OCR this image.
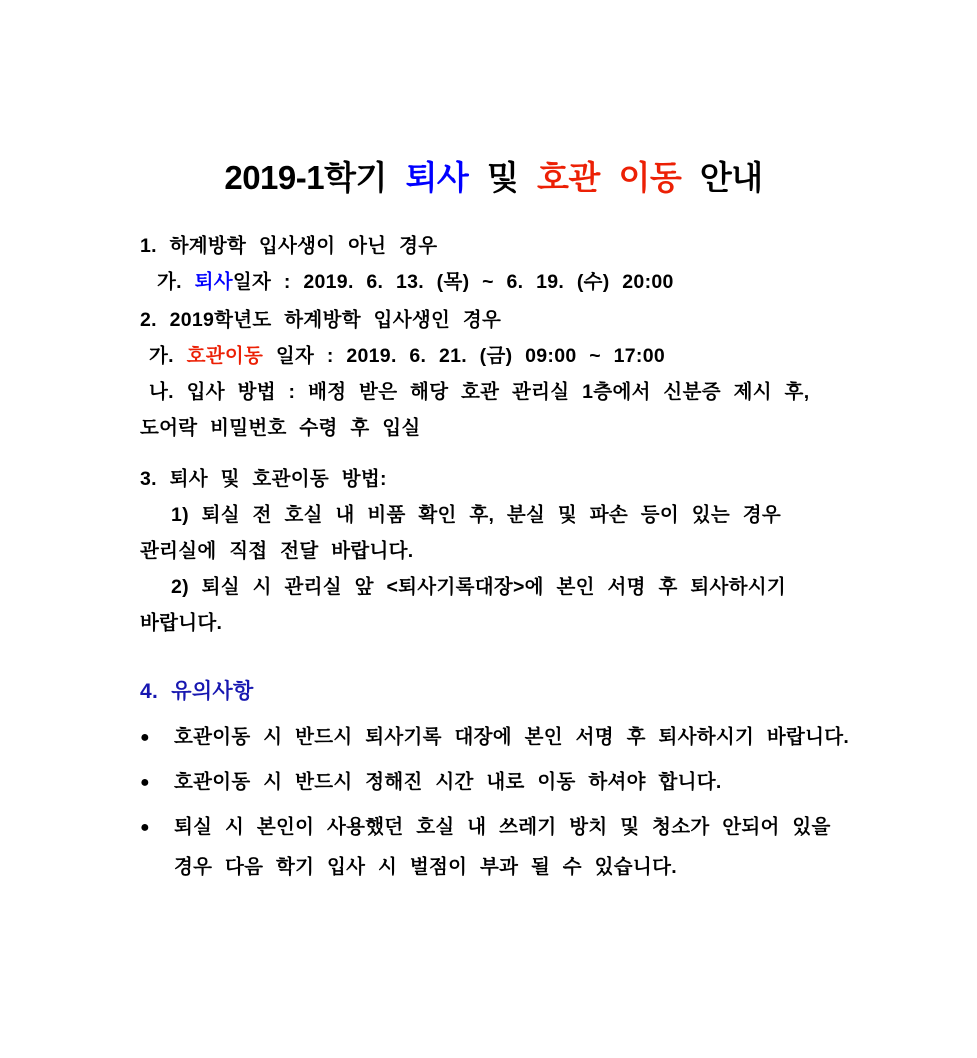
2019-1학기 퇴사 및 호관 이동 안내
1. 하계방학 입사생이 아닌 경우
가. 퇴사일자 : 2019. 6. 13. (목) ~ 6. 19. (수) 20:00
2. 2019학년도 하계방학 입사생인 경우
가. 호관이동 일자 : 2019. 6. 21. (금) 09:00 ~ 17:00
나. 입사 방법 : 배정 받은 해당 호관 관리실 1층에서 신분증 제시 후,
도어락 비밀번호 수령 후 입실
3. 퇴사 및 호관이동 방법:
1) 퇴실 전 호실 내 비품 확인 후, 분실 및 파손 등이 있는 경우
관리실에 직접 전달 바랍니다.
2) 퇴실 시 관리실 앞 <퇴사기록대장>에 본인 서명 후 퇴사하시기
바랍니다.
4. 유의사항
●	호관이동 시 반드시 퇴사기록 대장에 본인 서명 후 퇴사하시기 바랍니다.
●	호관이동 시 반드시 정해진 시간 내로 이동 하셔야 합니다.
●	퇴실 시 본인이 사용했던 호실 내 쓰레기 방치 및 청소가 안되어 있을
경우 다음 학기 입사 시 벌점이 부과 될 수 있습니다.
